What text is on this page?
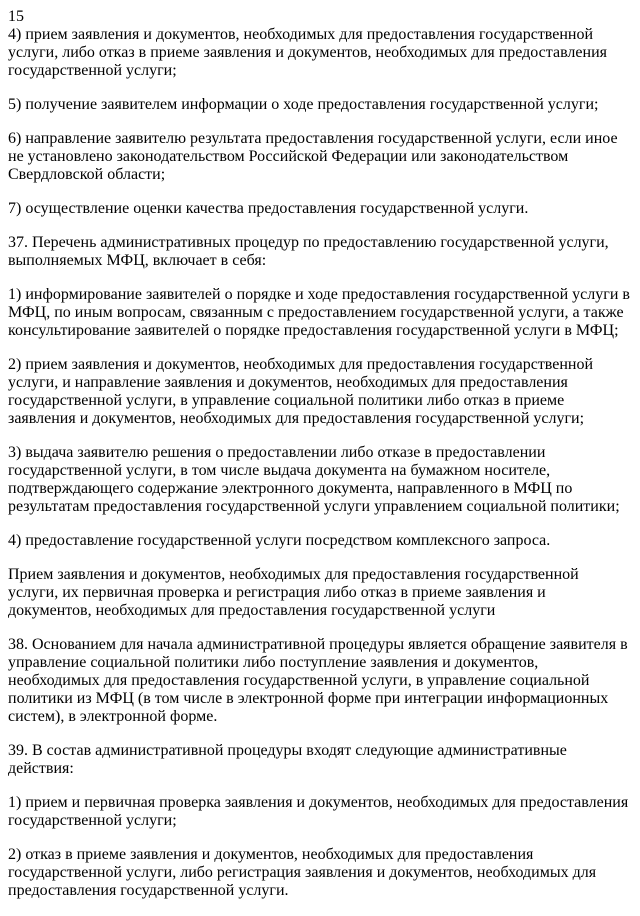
15

4) прием заявления и документов, необходимых для предоставления государственной услуги, либо отказ в приеме заявления и документов, необходимых для предоставления государственной услуги;

5) получение заявителем информации о ходе предоставления государственной услуги;

6) направление заявителю результата предоставления государственной услуги, если иное не установлено законодательством Российской Федерации или законодательством Свердловской области;

7) осуществление оценки качества предоставления государственной услуги.

37. Перечень административных процедур по предоставлению государственной услуги, выполняемых МФЦ, включает в себя:

1) информирование заявителей о порядке и ходе предоставления государственной услуги в МФЦ, по иным вопросам, связанным с предоставлением государственной услуги, а также консультирование заявителей о порядке предоставления государственной услуги в МФЦ;

2) прием заявления и документов, необходимых для предоставления государственной услуги, и направление заявления и документов, необходимых для предоставления государственной услуги, в управление социальной политики либо отказ в приеме заявления и документов, необходимых для предоставления государственной услуги;

3) выдача заявителю решения о предоставлении либо отказе в предоставлении государственной услуги, в том числе выдача документа на бумажном носителе, подтверждающего содержание электронного документа, направленного в МФЦ по результатам предоставления государственной услуги управлением социальной политики;

4) предоставление государственной услуги посредством комплексного запроса.

Прием заявления и документов, необходимых для предоставления государственной услуги, их первичная проверка и регистрация либо отказ в приеме заявления и документов, необходимых для предоставления государственной услуги

38. Основанием для начала административной процедуры является обращение заявителя в управление социальной политики либо поступление заявления и документов, необходимых для предоставления государственной услуги, в управление социальной политики из МФЦ (в том числе в электронной форме при интеграции информационных систем), в электронной форме.

39. В состав административной процедуры входят следующие административные действия:

1) прием и первичная проверка заявления и документов, необходимых для предоставления государственной услуги;

2) отказ в приеме заявления и документов, необходимых для предоставления государственной услуги, либо регистрация заявления и документов, необходимых для предоставления государственной услуги.
